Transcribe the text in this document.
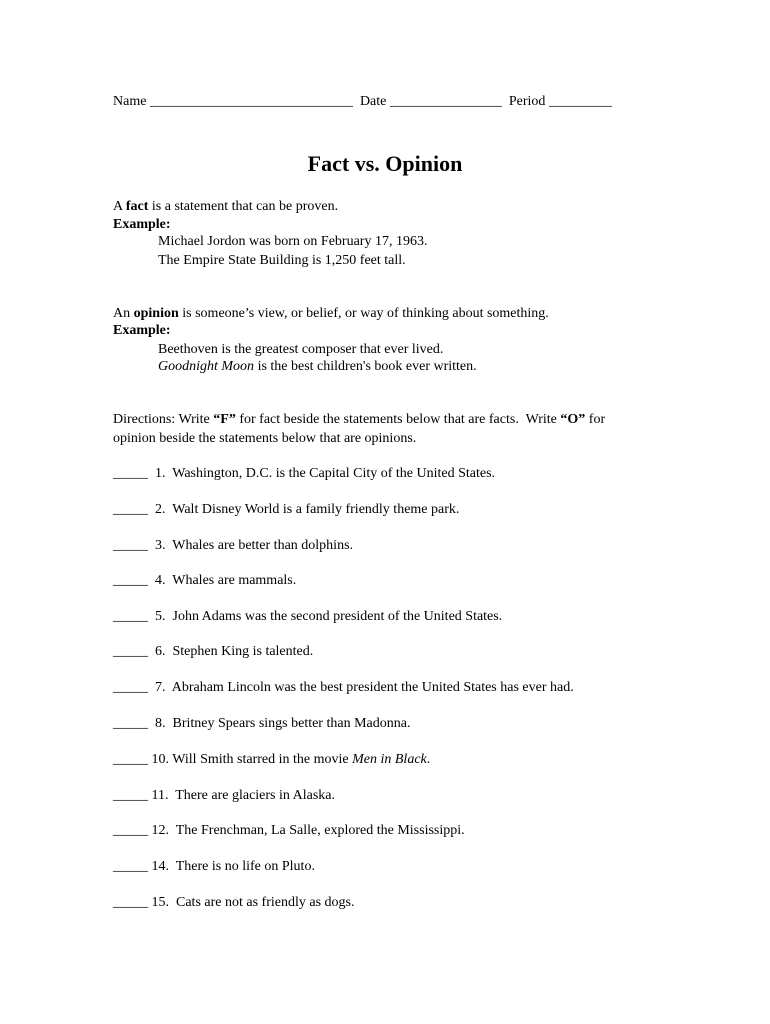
Name _____________________________ Date ________________ Period _________
Fact vs. Opinion
A fact is a statement that can be proven.
Example:
Michael Jordon was born on February 17, 1963.
The Empire State Building is 1,250 feet tall.
An opinion is someone’s view, or belief, or way of thinking about something.
Example:
Beethoven is the greatest composer that ever lived.
Goodnight Moon is the best children's book ever written.
Directions: Write “F” for fact beside the statements below that are facts.  Write “O” for
opinion beside the statements below that are opinions.
_____  1.  Washington, D.C. is the Capital City of the United States.
_____  2.  Walt Disney World is a family friendly theme park.
_____  3.  Whales are better than dolphins.
_____  4.  Whales are mammals.
_____  5.  John Adams was the second president of the United States.
_____  6.  Stephen King is talented.
_____  7.  Abraham Lincoln was the best president the United States has ever had.
_____  8.  Britney Spears sings better than Madonna.
_____ 10. Will Smith starred in the movie Men in Black.
_____ 11.  There are glaciers in Alaska.
_____ 12.  The Frenchman, La Salle, explored the Mississippi.
_____ 14.  There is no life on Pluto.
_____ 15.  Cats are not as friendly as dogs.
